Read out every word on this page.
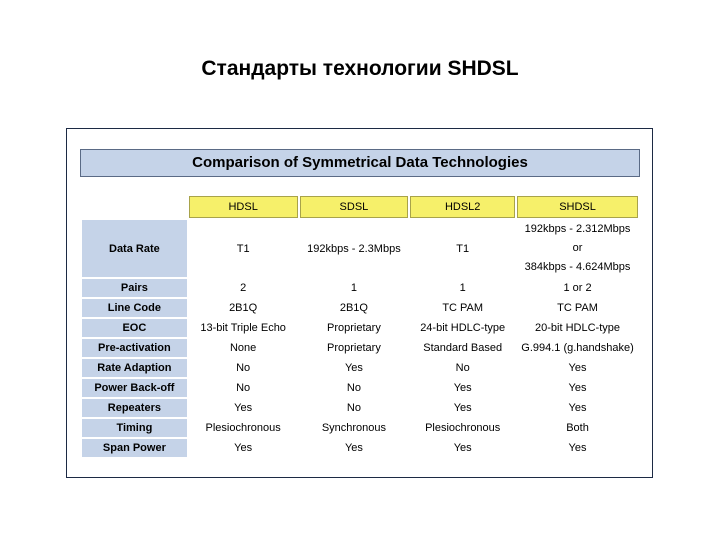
Стандарты технологии SHDSL
Comparison of Symmetrical Data Technologies
	HDSL	SDSL	HDSL2	SHDSL
Data Rate	T1	192kbps - 2.3Mbps	T1	192kbps - 2.312Mbps
or
384kbps - 4.624Mbps

Pairs	2	1	1	1 or 2
Line Code	2B1Q	2B1Q	TC PAM	TC PAM
EOC	13-bit Triple Echo	Proprietary	24-bit HDLC-type	20-bit HDLC-type
Pre-activation	None	Proprietary	Standard Based	G.994.1 (g.handshake)
Rate Adaption	No	Yes	No	Yes
Power Back-off	No	No	Yes	Yes
Repeaters	Yes	No	Yes	Yes
Timing	Plesiochronous	Synchronous	Plesiochronous	Both
Span Power	Yes	Yes	Yes	Yes
